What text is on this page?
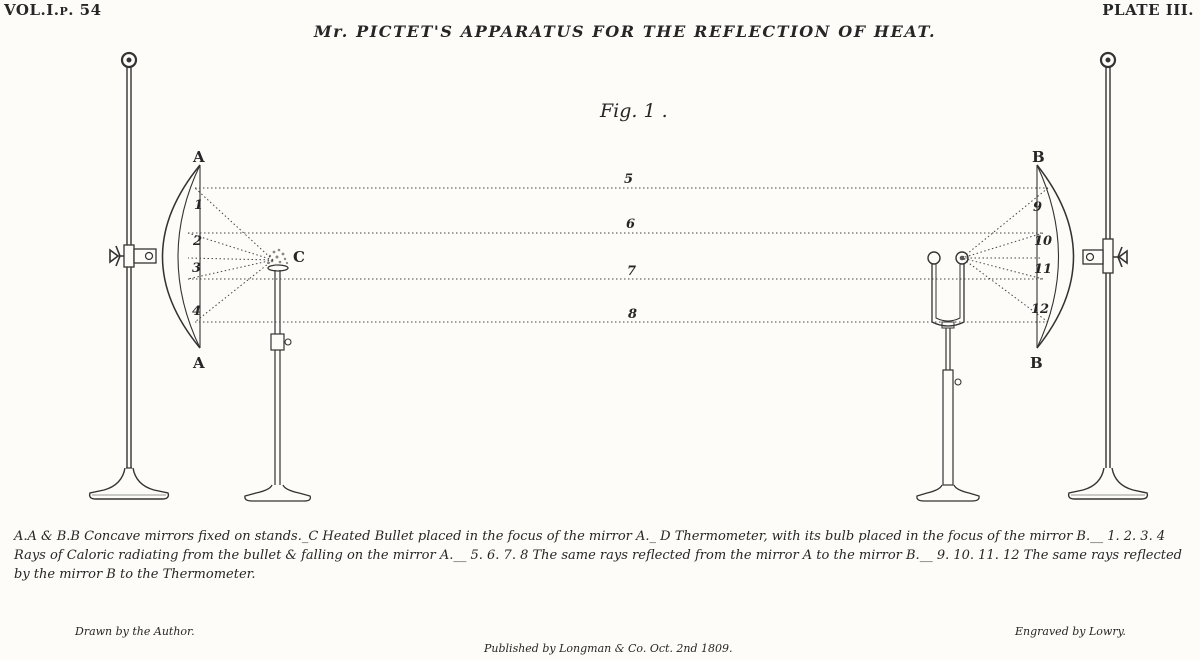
VOL.I.p. 54	PLATE III.
Mr. PICTET'S APPARATUS FOR THE REFLECTION OF HEAT.
Fig. 1 .
A
A
B
B
C
1
2
3
4
5
6
7
8
9
10
11
12
A.A & B.B Concave mirrors fixed on stands._C Heated Bullet placed in the focus of the mirror A._ D Thermometer, with its bulb placed in the focus of the mirror B.__ 1. 2. 3. 4 Rays of Caloric radiating from the bullet & falling on the mirror A.__ 5. 6. 7. 8 The same rays reflected from the mirror A to the mirror B.__ 9. 10. 11. 12 The same rays reflected by the mirror B to the Thermometer.
Drawn by the Author.	Engraved by Lowry.
Published by Longman & Co. Oct. 2nd 1809.
